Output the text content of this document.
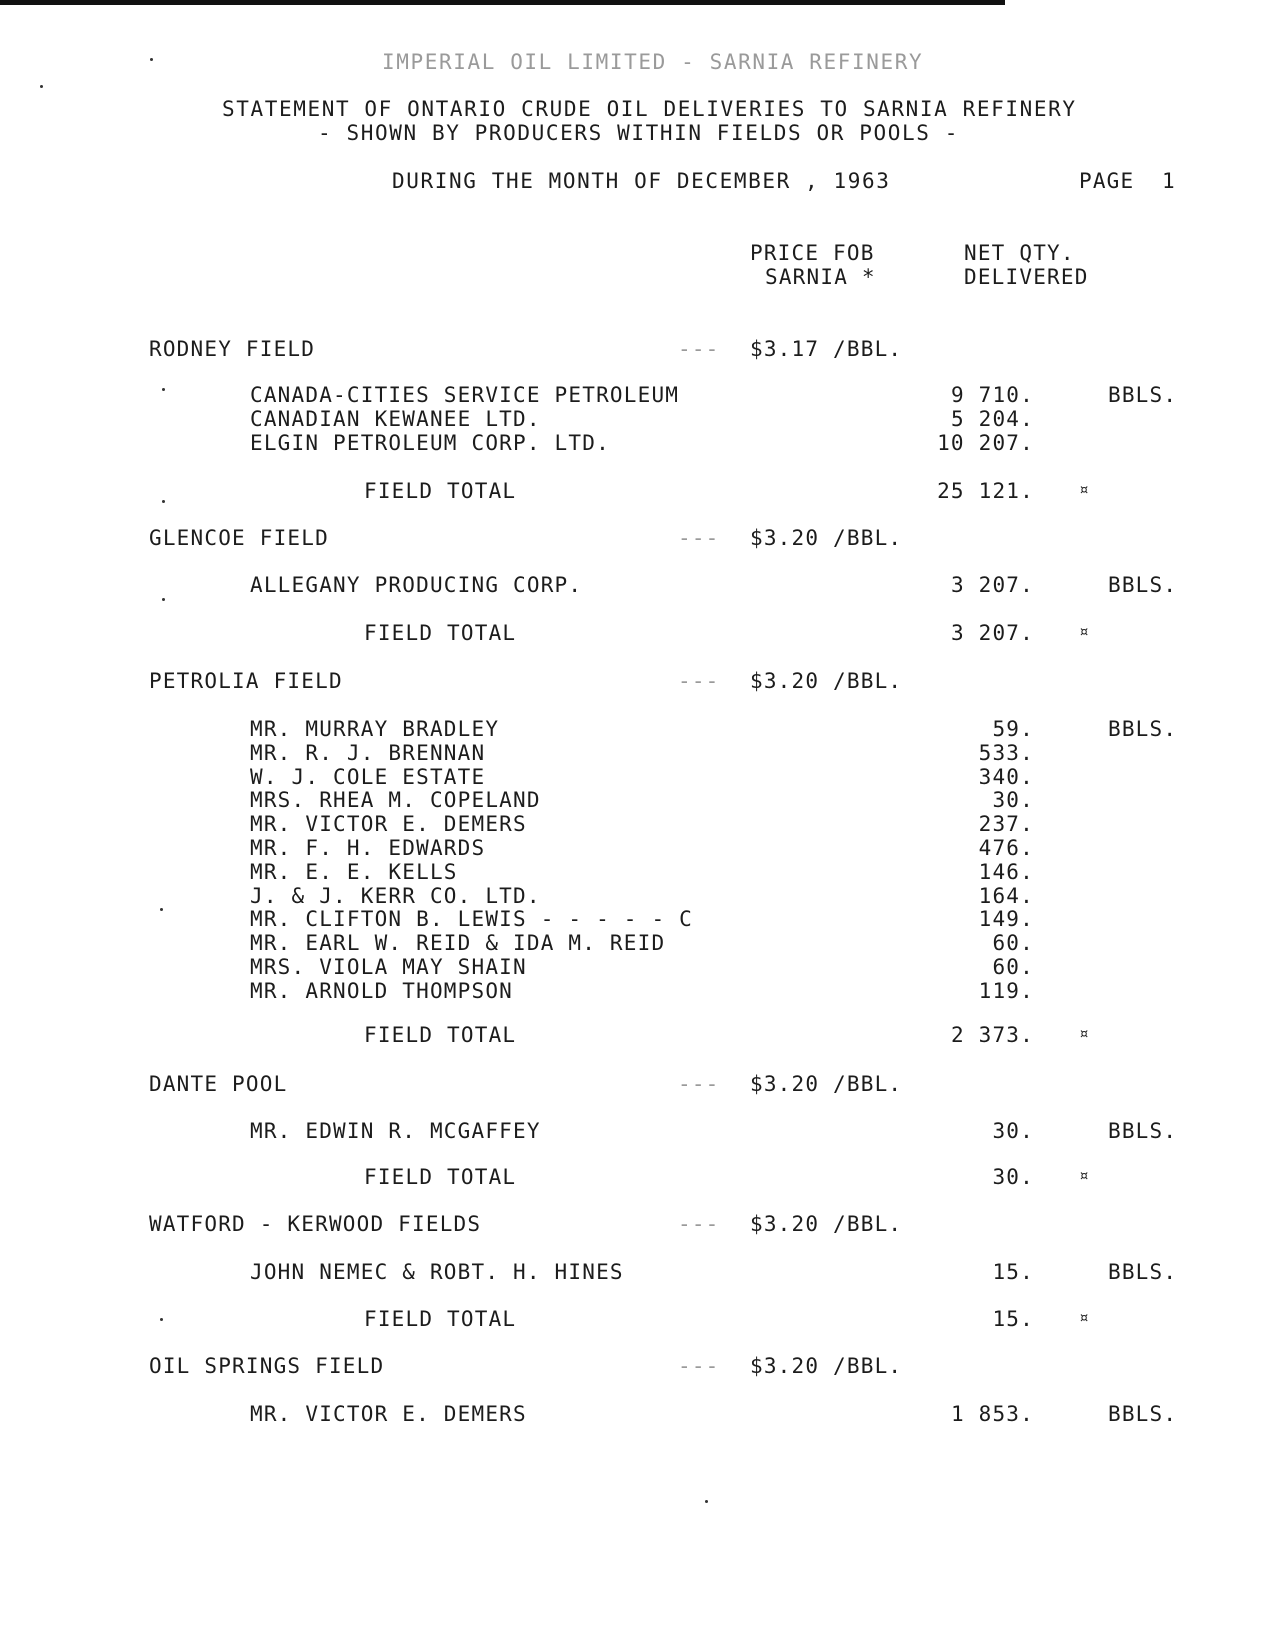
IMPERIAL OIL LIMITED - SARNIA REFINERY
STATEMENT OF ONTARIO CRUDE OIL DELIVERIES TO SARNIA REFINERY
- SHOWN BY PRODUCERS WITHIN FIELDS OR POOLS -
DURING THE MONTH OF DECEMBER , 1963	PAGE  1
PRICE FOB
SARNIA *
NET QTY.
DELIVERED
RODNEY FIELD	--- $3.17 /BBL.
CANADA-CITIES SERVICE PETROLEUM	9 710.	BBLS.
CANADIAN KEWANEE LTD.	5 204.
ELGIN PETROLEUM CORP. LTD.	10 207.
FIELD TOTAL	25 121.	¤
GLENCOE FIELD	--- $3.20 /BBL.
ALLEGANY PRODUCING CORP.	3 207.	BBLS.
FIELD TOTAL	3 207.	¤
PETROLIA FIELD	--- $3.20 /BBL.
MR. MURRAY BRADLEY	59.	BBLS.
MR. R. J. BRENNAN	533.
W. J. COLE ESTATE	340.
MRS. RHEA M. COPELAND	30.
MR. VICTOR E. DEMERS	237.
MR. F. H. EDWARDS	476.
MR. E. E. KELLS	146.
J. & J. KERR CO. LTD.	164.
MR. CLIFTON B. LEWIS - - - - - C	149.
MR. EARL W. REID & IDA M. REID	60.
MRS. VIOLA MAY SHAIN	60.
MR. ARNOLD THOMPSON	119.
FIELD TOTAL	2 373.	¤
DANTE POOL	--- $3.20 /BBL.
MR. EDWIN R. MCGAFFEY	30.	BBLS.
FIELD TOTAL	30.	¤
WATFORD - KERWOOD FIELDS	--- $3.20 /BBL.
JOHN NEMEC & ROBT. H. HINES	15.	BBLS.
FIELD TOTAL	15.	¤
OIL SPRINGS FIELD	--- $3.20 /BBL.
MR. VICTOR E. DEMERS	1 853.	BBLS.
